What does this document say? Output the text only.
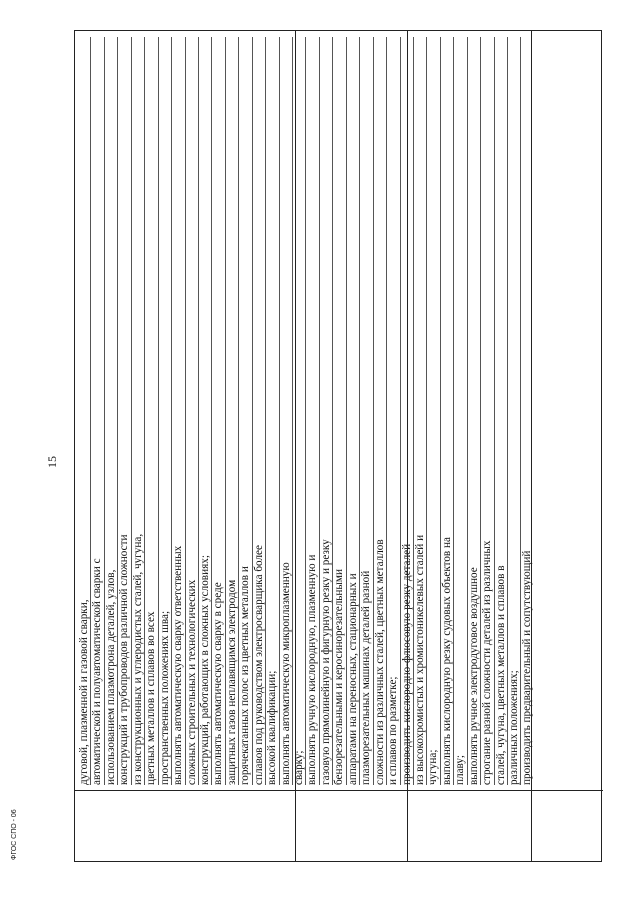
15
дуговой, плазменной и газовой сварки, автоматической и полуавтоматической сварки с использованием плазмотрона деталей, узлов, конструкций и трубопроводов различной сложности из конструкционных и углеродистых сталей, чугуна, цветных металлов и сплавов во всех пространственных положениях шва; выполнять автоматическую сварку ответственных сложных строительных и технологических конструкций, работающих в сложных условиях; выполнять автоматическую сварку в среде защитных газов неплавящимся электродом горячекатанных полос из цветных металлов и сплавов под руководством электросварщика более высокой квалификации; выполнять автоматическую микроплазменную сварку; выполнять ручную кислородную, плазменную и газовую прямолинейную и фигурную резку и резку бензорезательными и керосинорезательными аппаратами на переносных, стационарных и плазморезательных машинах деталей разной сложности из различных сталей, цветных металлов и сплавов по разметке; производить кислородно-флюсовую резку деталей из высокохромистых и хромистоникелевых сталей и чугуна; выполнять кислородную резку судовых объектов на плаву; выполнять ручное электродуговое воздушное строгание разной сложности деталей из различных сталей, чугуна, цветных металлов и сплавов в различных положениях; производить предварительный и сопутствующий
ФГОС СПО - 06
